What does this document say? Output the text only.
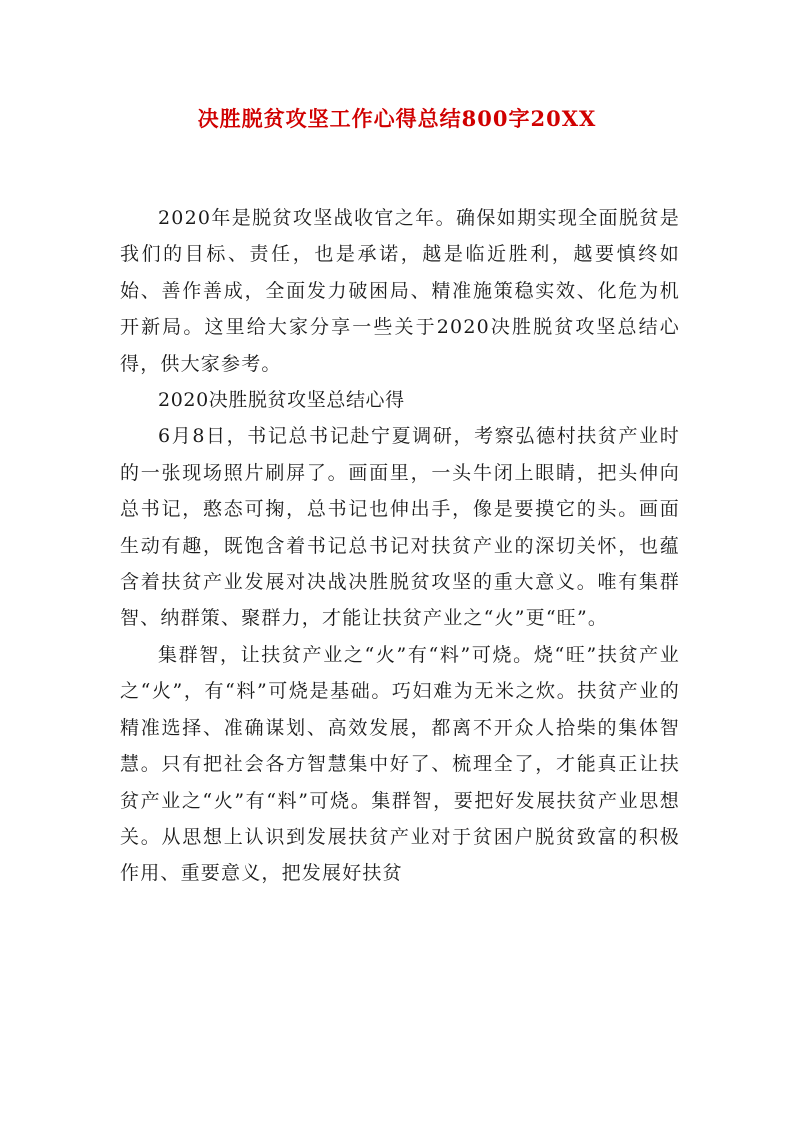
决胜脱贫攻坚工作心得总结800字20XX

2020年是脱贫攻坚战收官之年。确保如期实现全面脱贫是我们的目标、责任，也是承诺，越是临近胜利，越要慎终如始、善作善成，全面发力破困局、精准施策稳实效、化危为机开新局。这里给大家分享一些关于2020决胜脱贫攻坚总结心得，供大家参考。

2020决胜脱贫攻坚总结心得

6月8日，书记总书记赴宁夏调研，考察弘德村扶贫产业时的一张现场照片刷屏了。画面里，一头牛闭上眼睛，把头伸向总书记，憨态可掬，总书记也伸出手，像是要摸它的头。画面生动有趣，既饱含着书记总书记对扶贫产业的深切关怀，也蕴含着扶贫产业发展对决战决胜脱贫攻坚的重大意义。唯有集群智、纳群策、聚群力，才能让扶贫产业之“火”更“旺”。

集群智，让扶贫产业之“火”有“料”可烧。烧“旺”扶贫产业之“火”，有“料”可烧是基础。巧妇难为无米之炊。扶贫产业的精准选择、准确谋划、高效发展，都离不开众人拾柴的集体智慧。只有把社会各方智慧集中好了、梳理全了，才能真正让扶贫产业之“火”有“料”可烧。集群智，要把好发展扶贫产业思想关。从思想上认识到发展扶贫产业对于贫困户脱贫致富的积极作用、重要意义，把发展好扶贫
